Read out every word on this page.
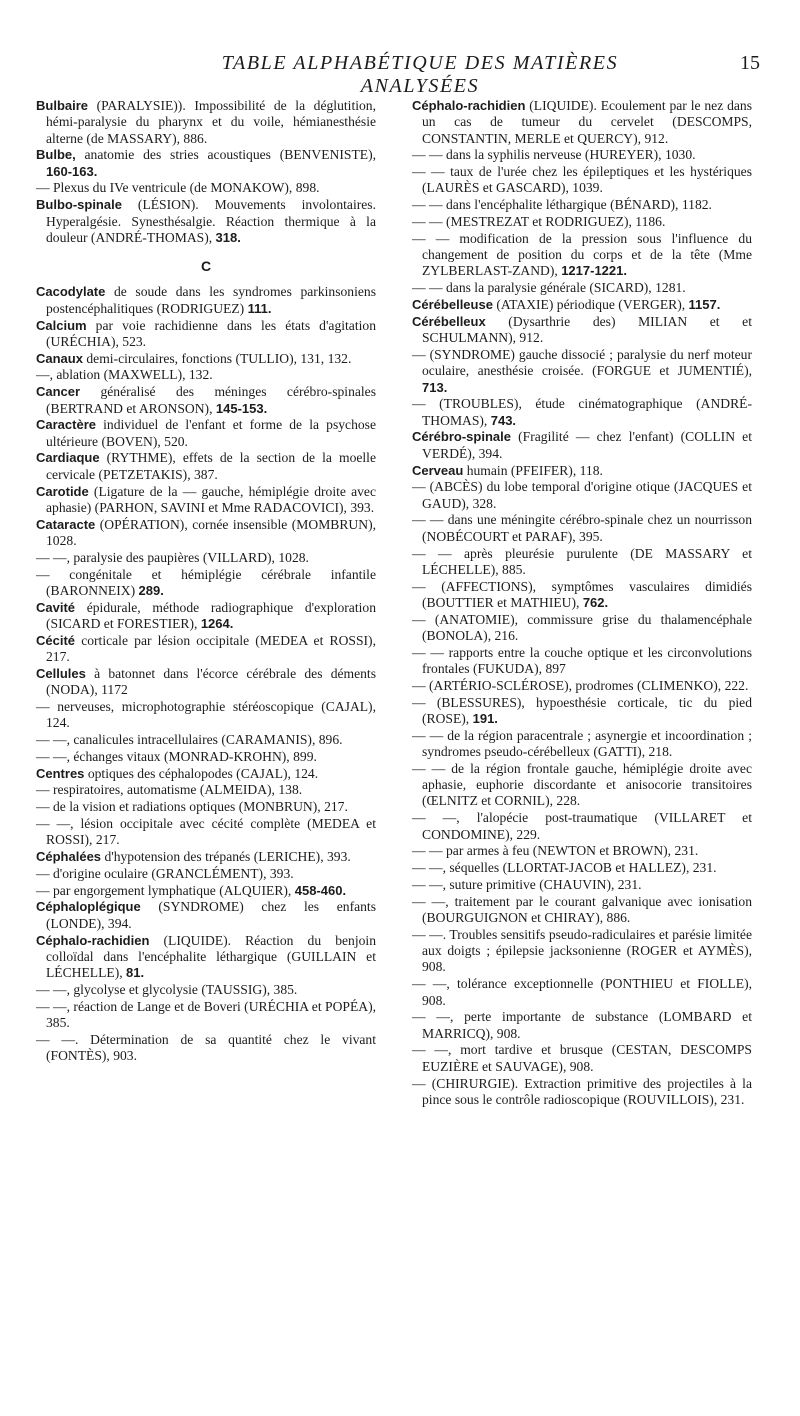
TABLE ALPHABÉTIQUE DES MATIÈRES ANALYSÉES
15

Bulbaire (PARALYSIE)). Impossibilité de la déglutition, hémi-paralysie du pharynx et du voile, hémianesthésie alterne (de MASSARY), 886.

Bulbe, anatomie des stries acoustiques (BENVENISTE), 160-163.

— Plexus du IVe ventricule (de MONAKOW), 898.

Bulbo-spinale (LÉSION). Mouvements involontaires. Hyperalgésie. Synesthésalgie. Réaction thermique à la douleur (ANDRÉ-THOMAS), 318.

C

Cacodylate de soude dans les syndromes parkinsoniens postencéphalitiques (RODRIGUEZ) 111.

Calcium par voie rachidienne dans les états d'agitation (URÉCHIA), 523.

Canaux demi-circulaires, fonctions (TULLIO), 131, 132.

—, ablation (MAXWELL), 132.

Cancer généralisé des méninges cérébro-spinales (BERTRAND et ARONSON), 145-153.

Caractère individuel de l'enfant et forme de la psychose ultérieure (BOVEN), 520.

Cardiaque (RYTHME), effets de la section de la moelle cervicale (PETZETAKIS), 387.

Carotide (Ligature de la — gauche, hémiplégie droite avec aphasie) (PARHON, SAVINI et Mme RADACOVICI), 393.

Cataracte (OPÉRATION), cornée insensible (MOMBRUN), 1028.

— —, paralysie des paupières (VILLARD), 1028.

— congénitale et hémiplégie cérébrale infantile (BARONNEIX) 289.

Cavité épidurale, méthode radiographique d'exploration (SICARD et FORESTIER), 1264.

Cécité corticale par lésion occipitale (MEDEA et ROSSI), 217.

Cellules à batonnet dans l'écorce cérébrale des déments (NODA), 1172

— nerveuses, microphotographie stéréoscopique (CAJAL), 124.

— —, canalicules intracellulaires (CARAMANIS), 896.

— —, échanges vitaux (MONRAD-KROHN), 899.

Centres optiques des céphalopodes (CAJAL), 124.

— respiratoires, automatisme (ALMEIDA), 138.

— de la vision et radiations optiques (MONBRUN), 217.

— —, lésion occipitale avec cécité complète (MEDEA et ROSSI), 217.

Céphalées d'hypotension des trépanés (LERICHE), 393.

— d'origine oculaire (GRANCLÉMENT), 393.

— par engorgement lymphatique (ALQUIER), 458-460.

Céphaloplégique (SYNDROME) chez les enfants (LONDE), 394.

Céphalo-rachidien (LIQUIDE). Réaction du benjoin colloïdal dans l'encéphalite léthargique (GUILLAIN et LÉCHELLE), 81.

— —, glycolyse et glycolysie (TAUSSIG), 385.

— —, réaction de Lange et de Boveri (URÉCHIA et POPÉA), 385.

— —. Détermination de sa quantité chez le vivant (FONTÈS), 903.

Céphalo-rachidien (LIQUIDE). Ecoulement par le nez dans un cas de tumeur du cervelet (DESCOMPS, CONSTANTIN, MERLE et QUERCY), 912.

— — dans la syphilis nerveuse (HUREYER), 1030.

— — taux de l'urée chez les épileptiques et les hystériques (LAURÈS et GASCARD), 1039.

— — dans l'encéphalite léthargique (BÉNARD), 1182.

— — (MESTREZAT et RODRIGUEZ), 1186.

— — modification de la pression sous l'influence du changement de position du corps et de la tête (Mme ZYLBERLAST-ZAND), 1217-1221.

— — dans la paralysie générale (SICARD), 1281.

Cérébelleuse (ATAXIE) périodique (VERGER), 1157.

Cérébelleux (Dysarthrie des) MILIAN et et SCHULMANN), 912.

— (SYNDROME) gauche dissocié ; paralysie du nerf moteur oculaire, anesthésie croisée. (FORGUE et JUMENTIÉ), 713.

— (TROUBLES), étude cinématographique (ANDRÉ-THOMAS), 743.

Cérébro-spinale (Fragilité — chez l'enfant) (COLLIN et VERDÉ), 394.

Cerveau humain (PFEIFER), 118.

— (ABCÈS) du lobe temporal d'origine otique (JACQUES et GAUD), 328.

— — dans une méningite cérébro-spinale chez un nourrisson (NOBÉCOURT et PARAF), 395.

— — après pleurésie purulente (DE MASSARY et LÉCHELLE), 885.

— (AFFECTIONS), symptômes vasculaires dimidiés (BOUTTIER et MATHIEU), 762.

— (ANATOMIE), commissure grise du thalamencéphale (BONOLA), 216.

— — rapports entre la couche optique et les circonvolutions frontales (FUKUDA), 897

— (ARTÉRIO-SCLÉROSE), prodromes (CLIMENKO), 222.

— (BLESSURES), hypoesthésie corticale, tic du pied (ROSE), 191.

— — de la région paracentrale ; asynergie et incoordination ; syndromes pseudo-cérébelleux (GATTI), 218.

— — de la région frontale gauche, hémiplégie droite avec aphasie, euphorie discordante et anisocorie transitoires (ŒLNITZ et CORNIL), 228.

— —, l'alopécie post-traumatique (VILLARET et CONDOMINE), 229.

— — par armes à feu (NEWTON et BROWN), 231.

— —, séquelles (LLORTAT-JACOB et HALLEZ), 231.

— —, suture primitive (CHAUVIN), 231.

— —, traitement par le courant galvanique avec ionisation (BOURGUIGNON et CHIRAY), 886.

— —. Troubles sensitifs pseudo-radiculaires et parésie limitée aux doigts ; épilepsie jacksonienne (ROGER et AYMÈS), 908.

— —, tolérance exceptionnelle (PONTHIEU et FIOLLE), 908.

— —, perte importante de substance (LOMBARD et MARRICQ), 908.

— —, mort tardive et brusque (CESTAN, DESCOMPS EUZIÈRE et SAUVAGE), 908.

— (CHIRURGIE). Extraction primitive des projectiles à la pince sous le contrôle radioscopique (ROUVILLOIS), 231.
